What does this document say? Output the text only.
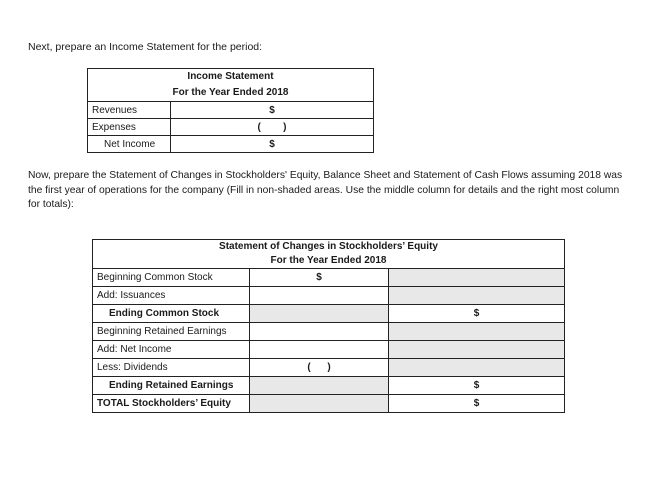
Next, prepare an Income Statement for the period:
Income Statement	
For the Year Ended 2018	
Revenues	$
Expenses	(        )
Net Income	$
Now, prepare the Statement of Changes in Stockholders' Equity, Balance Sheet and Statement of Cash Flows assuming 2018 was the first year of operations for the company (Fill in non-shaded areas. Use the middle column for details and the right most column for totals):
Statement of Changes in Stockholders’ Equity		
For the Year Ended 2018		
Beginning Common Stock	$	
Add: Issuances		
Ending Common Stock		$
Beginning Retained Earnings		
Add: Net Income		
Less: Dividends	(      )	
Ending Retained Earnings		$
TOTAL Stockholders’ Equity		$
